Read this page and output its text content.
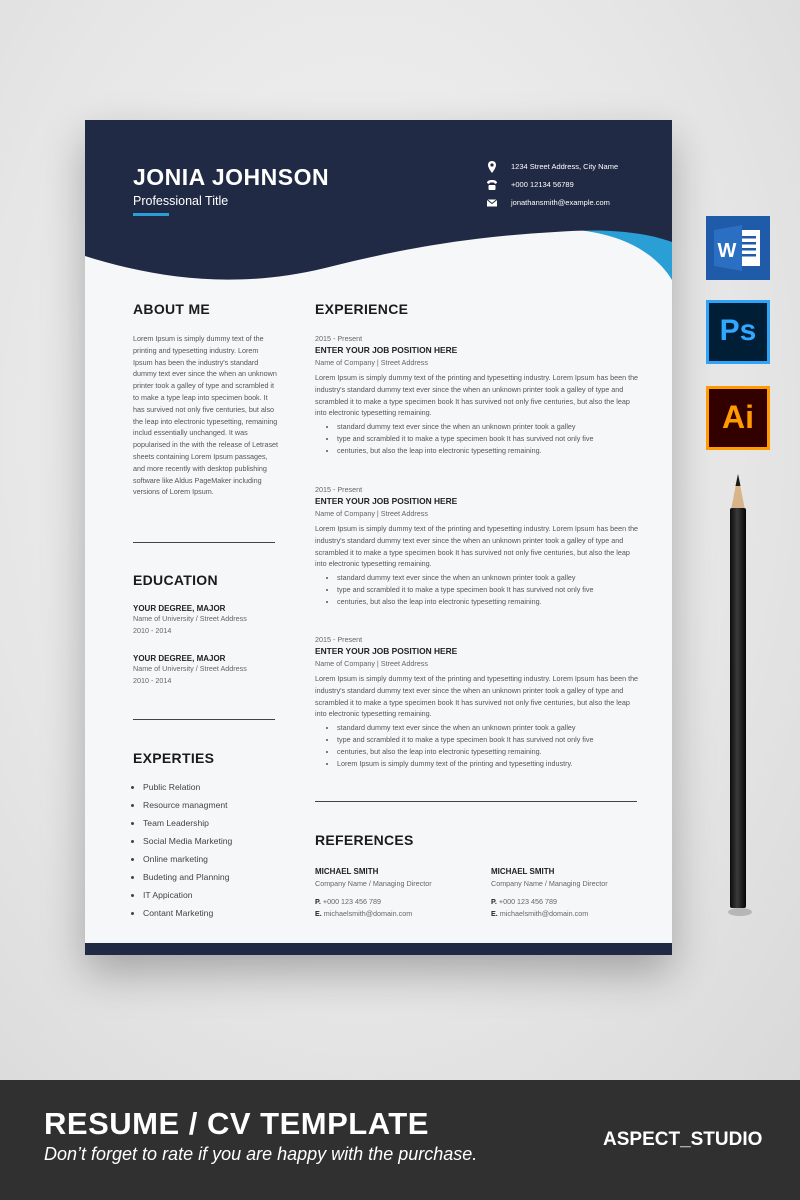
JONIA JOHNSON
Professional Title
1234 Street Address, City Name
+000 12134 56789
jonathansmith@example.com
ABOUT ME
Lorem Ipsum is simply dummy text of the printing and typesetting industry. Lorem Ipsum has been the industry's standard dummy text ever since the when an unknown printer took a galley of type and scrambled it to make a type leap into specimen book. It has survived not only five centuries, but also the leap into electronic typesetting, remaining includ essentially unchanged. It was popularised in the with the release of Letraset sheets containing Lorem Ipsum passages, and more recently with desktop publishing software like Aldus PageMaker including versions of Lorem Ipsum.
EDUCATION
YOUR DEGREE, MAJOR
Name of University / Street Address
2010 - 2014
YOUR DEGREE, MAJOR
Name of University / Street Address
2010 - 2014
EXPERTIES
• Public Relation
• Resource managment
• Team Leadership
• Social Media Marketing
• Online marketing
• Budeting and Planning
• IT Appication
• Contant Marketing
EXPERIENCE
2015 - Present
ENTER YOUR JOB POSITION HERE
Name of Company | Street Address
Lorem Ipsum is simply dummy text of the printing and typesetting industry. Lorem Ipsum has been the industry's standard dummy text ever since the when an unknown printer took a galley of type and scrambled it to make a type specimen book It has survived not only five centuries, but also the leap into electronic typesetting remaining.
• standard dummy text ever since the when an unknown printer took a galley
• type and scrambled it to make a type specimen book It has survived not only five
• centuries, but also the leap into electronic typesetting remaining.
2015 - Present
ENTER YOUR JOB POSITION HERE
Name of Company | Street Address
Lorem Ipsum is simply dummy text of the printing and typesetting industry. Lorem Ipsum has been the industry's standard dummy text ever since the when an unknown printer took a galley of type and scrambled it to make a type specimen book It has survived not only five centuries, but also the leap into electronic typesetting remaining.
• standard dummy text ever since the when an unknown printer took a galley
• type and scrambled it to make a type specimen book It has survived not only five
• centuries, but also the leap into electronic typesetting remaining.
2015 - Present
ENTER YOUR JOB POSITION HERE
Name of Company | Street Address
Lorem Ipsum is simply dummy text of the printing and typesetting industry. Lorem Ipsum has been the industry's standard dummy text ever since the when an unknown printer took a galley of type and scrambled it to make a type specimen book It has survived not only five centuries, but also the leap into electronic typesetting remaining.
• standard dummy text ever since the when an unknown printer took a galley
• type and scrambled it to make a type specimen book It has survived not only five
• centuries, but also the leap into electronic typesetting remaining.
• Lorem Ipsum is simply dummy text of the printing and typesetting industry.
REFERENCES
MICHAEL SMITH
Company Name / Managing Director
P. +000 123 456 789
E. michaelsmith@domain.com
MICHAEL SMITH
Company Name / Managing Director
P. +000 123 456 789
E. michaelsmith@domain.com
W
Ps
Ai
RESUME / CV TEMPLATE
Don’t forget to rate if you are happy with the purchase.
ASPECT_STUDIO
